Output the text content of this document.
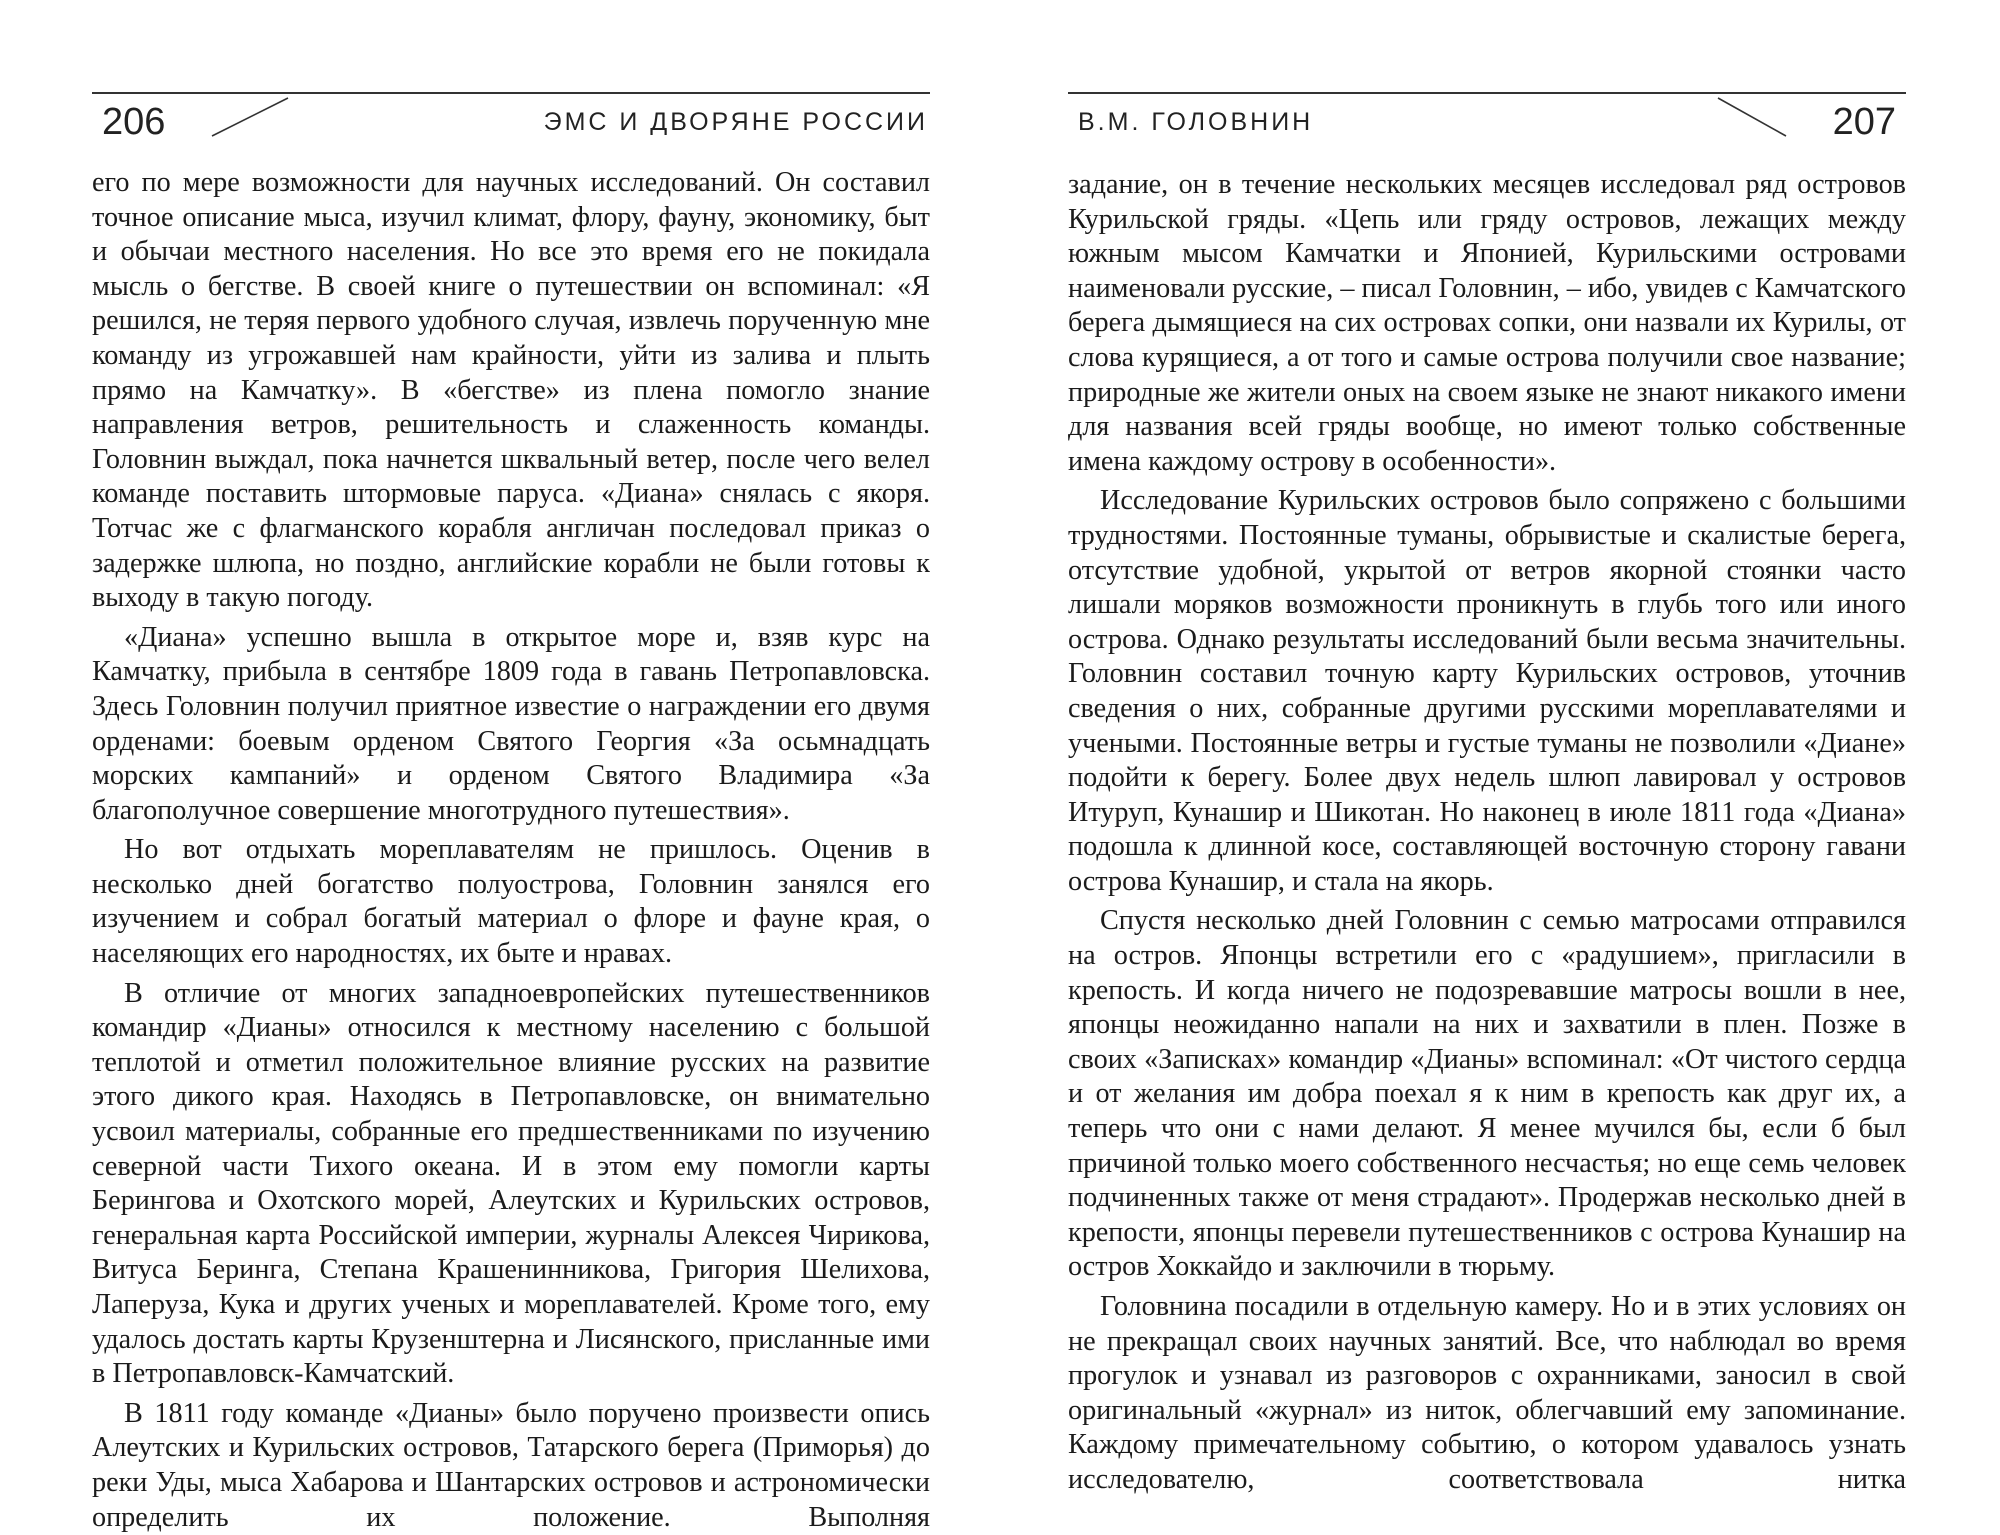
206	ЭМС И ДВОРЯНЕ РОССИИ

его по мере возможности для научных исследований. Он составил точное описание мыса, изучил климат, флору, фауну, экономику, быт и обычаи местного населения. Но все это время его не покидала мысль о бегстве. В своей книге о путешествии он вспоминал: «Я решился, не теряя первого удобного случая, извлечь порученную мне команду из угрожавшей нам крайности, уйти из залива и плыть прямо на Камчатку». В «бегстве» из плена помогло знание направления ветров, решительность и слаженность команды. Головнин выждал, пока начнется шквальный ветер, после чего велел команде поставить штормовые паруса. «Диана» снялась с якоря. Тотчас же с флагманского корабля англичан последовал приказ о задержке шлюпа, но поздно, английские корабли не были готовы к выходу в такую погоду.

«Диана» успешно вышла в открытое море и, взяв курс на Камчатку, прибыла в сентябре 1809 года в гавань Петропавловска. Здесь Головнин получил приятное известие о награждении его двумя орденами: боевым орденом Святого Георгия «За осьмнадцать морских кампаний» и орденом Святого Владимира «За благополучное совершение многотрудного путешествия».

Но вот отдыхать мореплавателям не пришлось. Оценив в несколько дней богатство полуострова, Головнин занялся его изучением и собрал богатый материал о флоре и фауне края, о населяющих его народностях, их быте и нравах.

В отличие от многих западноевропейских путешественников командир «Дианы» относился к местному населению с большой теплотой и отметил положительное влияние русских на развитие этого дикого края. Находясь в Петропавловске, он внимательно усвоил материалы, собранные его предшественниками по изучению северной части Тихого океана. И в этом ему помогли карты Берингова и Охотского морей, Алеутских и Курильских островов, генеральная карта Российской империи, журналы Алексея Чирикова, Витуса Беринга, Степана Крашенинникова, Григория Шелихова, Лаперуза, Кука и других ученых и мореплавателей. Кроме того, ему удалось достать карты Крузенштерна и Лисянского, присланные ими в Петропавловск-Камчатский.

В 1811 году команде «Дианы» было поручено произвести опись Алеутских и Курильских островов, Татарского берега (Приморья) до реки Уды, мыса Хабарова и Шантарских островов и астрономически определить их положение. Выполняя

В.М. ГОЛОВНИН	207

задание, он в течение нескольких месяцев исследовал ряд островов Курильской гряды. «Цепь или гряду островов, лежащих между южным мысом Камчатки и Японией, Курильскими островами наименовали русские, – писал Головнин, – ибо, увидев с Камчатского берега дымящиеся на сих островах сопки, они назвали их Курилы, от слова курящиеся, а от того и самые острова получили свое название; природные же жители оных на своем языке не знают никакого имени для названия всей гряды вообще, но имеют только собственные имена каждому острову в особенности».

Исследование Курильских островов было сопряжено с большими трудностями. Постоянные туманы, обрывистые и скалистые берега, отсутствие удобной, укрытой от ветров якорной стоянки часто лишали моряков возможности проникнуть в глубь того или иного острова. Однако результаты исследований были весьма значительны. Головнин составил точную карту Курильских островов, уточнив сведения о них, собранные другими русскими мореплавателями и учеными. Постоянные ветры и густые туманы не позволили «Диане» подойти к берегу. Более двух недель шлюп лавировал у островов Итуруп, Кунашир и Шикотан. Но наконец в июле 1811 года «Диана» подошла к длинной косе, составляющей восточную сторону гавани острова Кунашир, и стала на якорь.

Спустя несколько дней Головнин с семью матросами отправился на остров. Японцы встретили его с «радушием», пригласили в крепость. И когда ничего не подозревавшие матросы вошли в нее, японцы неожиданно напали на них и захватили в плен. Позже в своих «Записках» командир «Дианы» вспоминал: «От чистого сердца и от желания им добра поехал я к ним в крепость как друг их, а теперь что они с нами делают. Я менее мучился бы, если б был причиной только моего собственного несчастья; но еще семь человек подчиненных также от меня страдают». Продержав несколько дней в крепости, японцы перевели путешественников с острова Кунашир на остров Хоккайдо и заключили в тюрьму.

Головнина посадили в отдельную камеру. Но и в этих условиях он не прекращал своих научных занятий. Все, что наблюдал во время прогулок и узнавал из разговоров с охранниками, заносил в свой оригинальный «журнал» из ниток, облегчавший ему запоминание. Каждому примечательному событию, о котором удавалось узнать исследователю, соответствовала нитка
